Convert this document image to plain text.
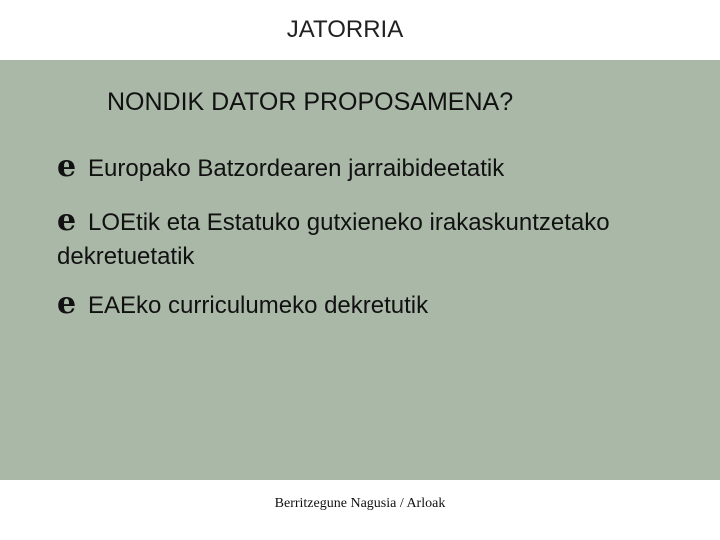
JATORRIA
NONDIK DATOR PROPOSAMENA?
e Europako Batzordearen jarraibideetatik
e LOEtik eta Estatuko gutxieneko irakaskuntzetako dekretuetatik
e EAEko curriculumeko dekretutik
Berritzegune Nagusia / Arloak
